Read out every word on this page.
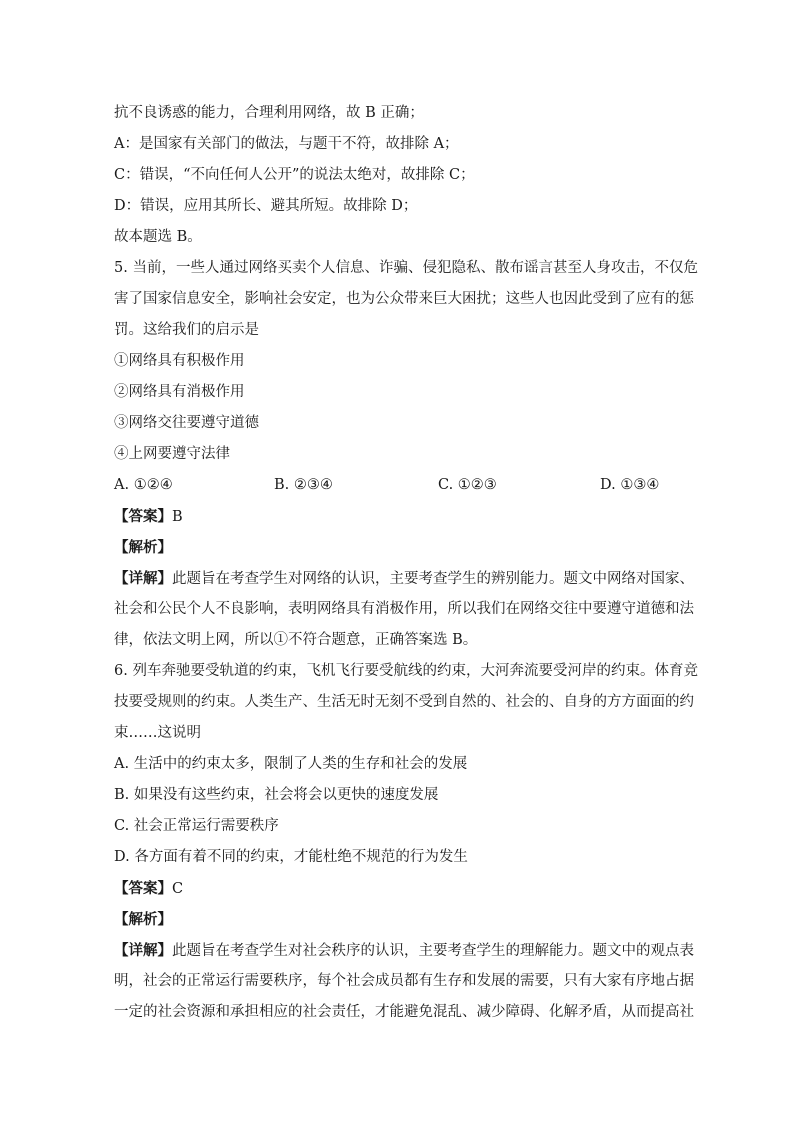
抗不良诱惑的能力，合理利用网络，故 B 正确；
A：是国家有关部门的做法，与题干不符，故排除 A；
C：错误，“不向任何人公开”的说法太绝对，故排除 C；
D：错误，应用其所长、避其所短。故排除 D；
故本题选 B。
5. 当前，一些人通过网络买卖个人信息、诈骗、侵犯隐私、散布谣言甚至人身攻击，不仅危
害了国家信息安全，影响社会安定，也为公众带来巨大困扰；这些人也因此受到了应有的惩
罚。这给我们的启示是
①网络具有积极作用
②网络具有消极作用
③网络交往要遵守道德
④上网要遵守法律
A. ①②④	B. ②③④	C. ①②③	D. ①③④
【答案】B
【解析】
【详解】此题旨在考查学生对网络的认识，主要考查学生的辨别能力。题文中网络对国家、
社会和公民个人不良影响，表明网络具有消极作用，所以我们在网络交往中要遵守道德和法
律，依法文明上网，所以①不符合题意，正确答案选 B。
6. 列车奔驰要受轨道的约束，飞机飞行要受航线的约束，大河奔流要受河岸的约束。体育竞
技要受规则的约束。人类生产、生活无时无刻不受到自然的、社会的、自身的方方面面的约
束……这说明
A. 生活中的约束太多，限制了人类的生存和社会的发展
B. 如果没有这些约束，社会将会以更快的速度发展
C. 社会正常运行需要秩序
D. 各方面有着不同的约束，才能杜绝不规范的行为发生
【答案】C
【解析】
【详解】此题旨在考查学生对社会秩序的认识，主要考查学生的理解能力。题文中的观点表
明，社会的正常运行需要秩序，每个社会成员都有生存和发展的需要，只有大家有序地占据
一定的社会资源和承担相应的社会责任，才能避免混乱、减少障碍、化解矛盾，从而提高社
